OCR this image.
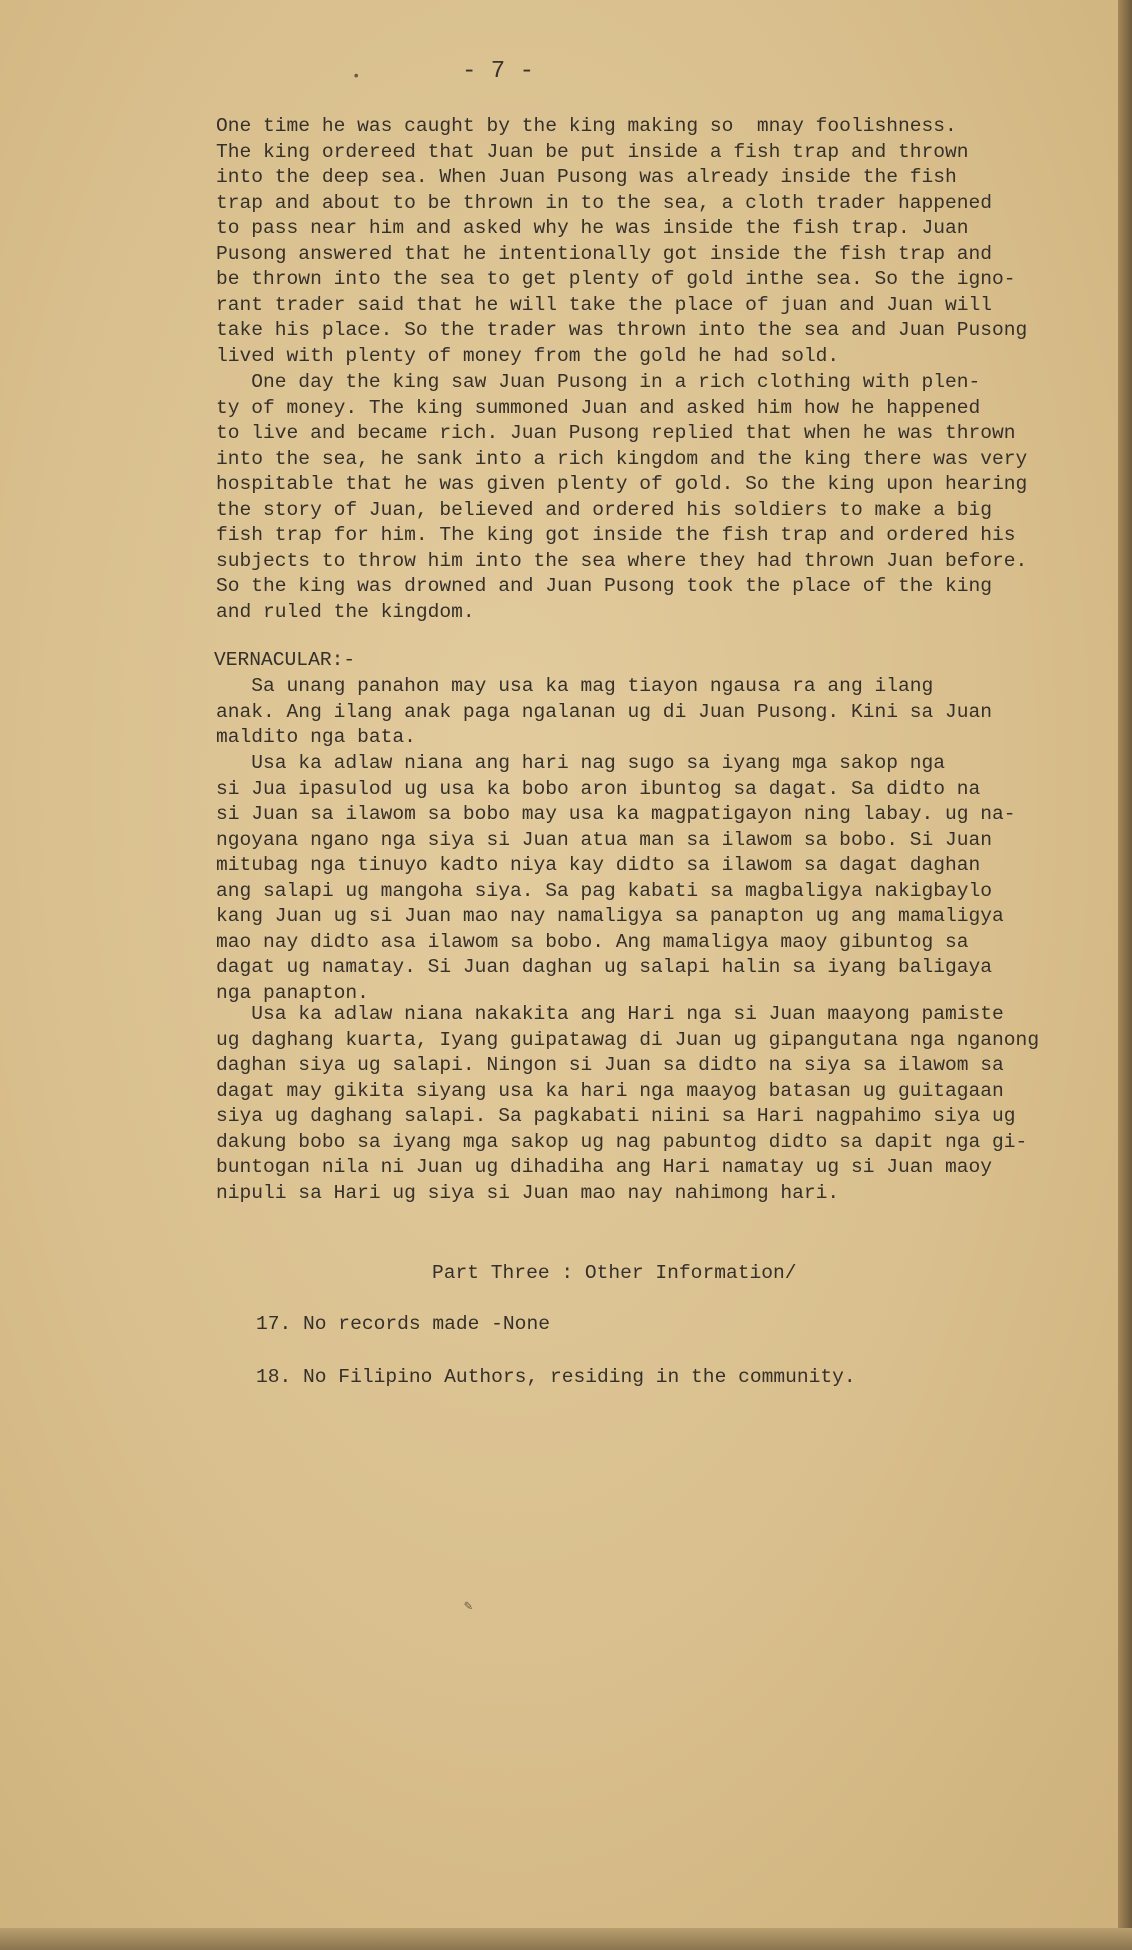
•
✎
- 7 -
One time he was caught by the king making so  mnay foolishness.
The king ordereed that Juan be put inside a fish trap and thrown
into the deep sea. When Juan Pusong was already inside the fish
trap and about to be thrown in to the sea, a cloth trader happened
to pass near him and asked why he was inside the fish trap. Juan
Pusong answered that he intentionally got inside the fish trap and
be thrown into the sea to get plenty of gold inthe sea. So the igno-
rant trader said that he will take the place of juan and Juan will
take his place. So the trader was thrown into the sea and Juan Pusong
lived with plenty of money from the gold he had sold.
One day the king saw Juan Pusong in a rich clothing with plen-
ty of money. The king summoned Juan and asked him how he happened
to live and became rich. Juan Pusong replied that when he was thrown
into the sea, he sank into a rich kingdom and the king there was very
hospitable that he was given plenty of gold. So the king upon hearing
the story of Juan, believed and ordered his soldiers to make a big
fish trap for him. The king got inside the fish trap and ordered his
subjects to throw him into the sea where they had thrown Juan before.
So the king was drowned and Juan Pusong took the place of the king
and ruled the kingdom.
VERNACULAR:-
Sa unang panahon may usa ka mag tiayon ngausa ra ang ilang
anak. Ang ilang anak paga ngalanan ug di Juan Pusong. Kini sa Juan
maldito nga bata.
Usa ka adlaw niana ang hari nag sugo sa iyang mga sakop nga
si Jua ipasulod ug usa ka bobo aron ibuntog sa dagat. Sa didto na
si Juan sa ilawom sa bobo may usa ka magpatigayon ning labay. ug na-
ngoyana ngano nga siya si Juan atua man sa ilawom sa bobo. Si Juan
mitubag nga tinuyo kadto niya kay didto sa ilawom sa dagat daghan
ang salapi ug mangoha siya. Sa pag kabati sa magbaligya nakigbaylo
kang Juan ug si Juan mao nay namaligya sa panapton ug ang mamaligya
mao nay didto asa ilawom sa bobo. Ang mamaligya maoy gibuntog sa
dagat ug namatay. Si Juan daghan ug salapi halin sa iyang baligaya
nga panapton.
Usa ka adlaw niana nakakita ang Hari nga si Juan maayong pamiste
ug daghang kuarta, Iyang guipatawag di Juan ug gipangutana nga nganong
daghan siya ug salapi. Ningon si Juan sa didto na siya sa ilawom sa
dagat may gikita siyang usa ka hari nga maayog batasan ug guitagaan
siya ug daghang salapi. Sa pagkabati niini sa Hari nagpahimo siya ug
dakung bobo sa iyang mga sakop ug nag pabuntog didto sa dapit nga gi-
buntogan nila ni Juan ug dihadiha ang Hari namatay ug si Juan maoy
nipuli sa Hari ug siya si Juan mao nay nahimong hari.
Part Three : Other Information/
17. No records made -None
18. No Filipino Authors, residing in the community.
